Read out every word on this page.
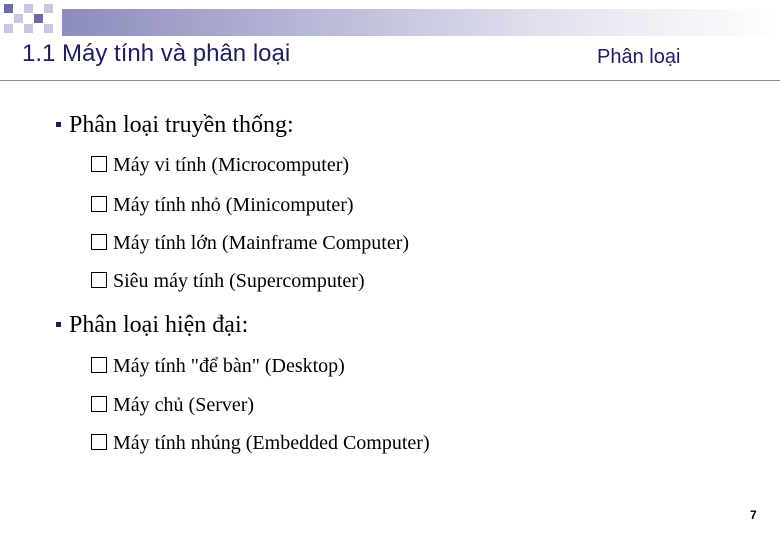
1.1 Máy tính và phân loại	Phân loại
Phân loại truyền thống:
Máy vi tính (Microcomputer)
Máy tính nhỏ (Minicomputer)
Máy tính lớn (Mainframe Computer)
Siêu máy tính (Supercomputer)
Phân loại hiện đại:
Máy tính "để bàn" (Desktop)
Máy chủ (Server)
Máy tính nhúng (Embedded Computer)
7
